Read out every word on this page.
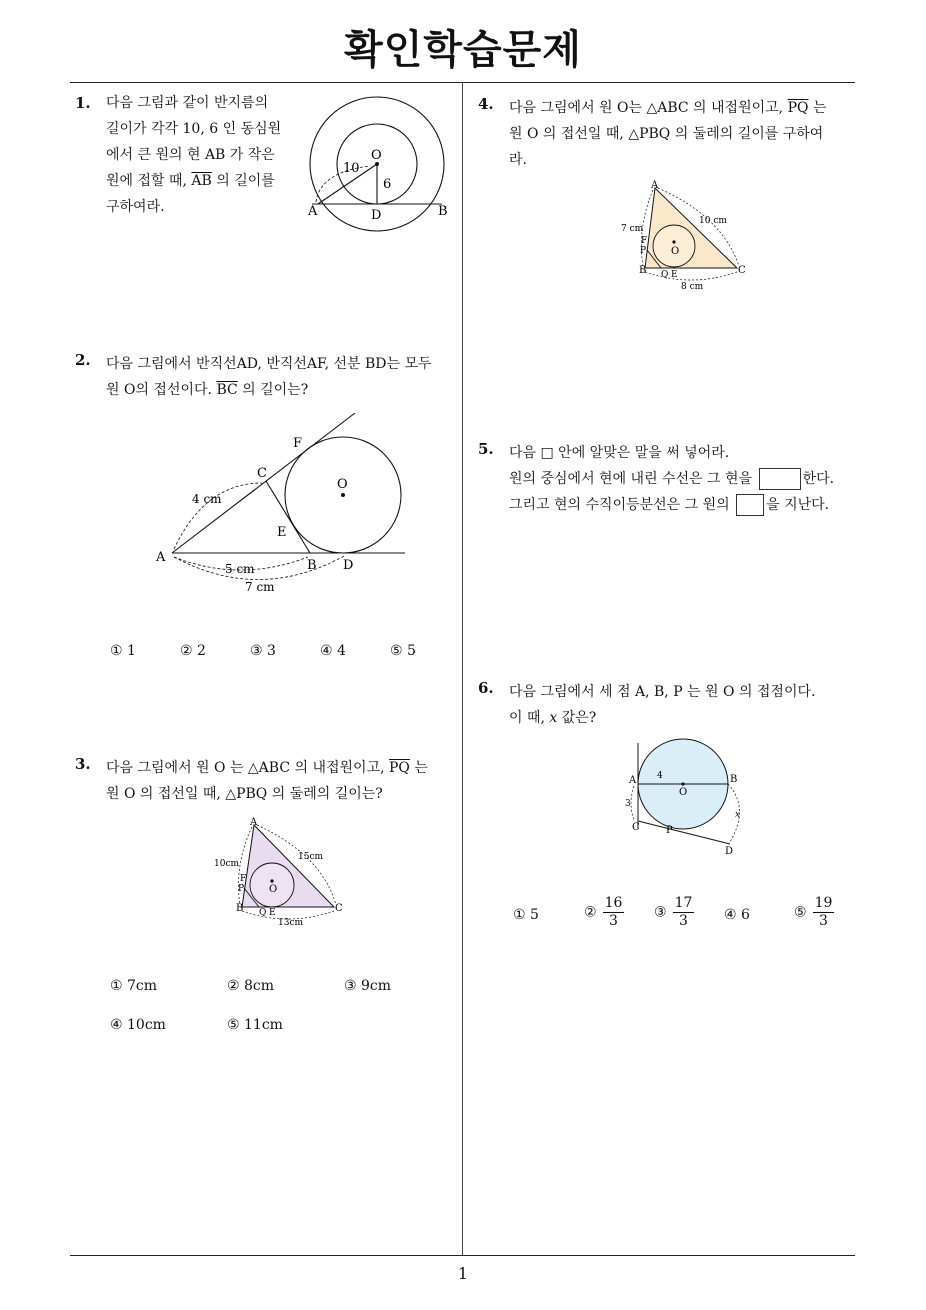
확인학습문제
1
1. 다음 그림과 같이 반지름의
길이가 각각 10, 6 인 동심원
에서 큰 원의 현 AB 가 작은
원에 접할 때, $\overline{AB}$ 의 길이를
구하여라.
O
10
6
A	D	B
2. 다음 그림에서 반직선AD, 반직선AF, 선분 BD는 모두
원 O의 접선이다. $\overline{BC}$ 의 길이는?
F
C
O
E
A
B D
4 cm
5 cm
7 cm
① 1	② 2	③ 3	④ 4	⑤ 5
3. 다음 그림에서 원 O 는 △ABC 의 내접원이고, $\overline{PQ}$ 는
원 O 의 접선일 때, △PBQ 의 둘레의 길이는?
A
10cm
15cm
F
P O
B Q E	C
13cm
① 7cm	② 8cm	③ 9cm
④ 10cm	⑤ 11cm
4. 다음 그림에서 원 O는 △ABC 의 내접원이고, $\overline{PQ}$ 는
원 O 의 접선일 때, △PBQ 의 둘레의 길이를 구하여
라.
A
7 cm
10 cm
F
P O
B Q E	C
8 cm
5. 다음 □ 안에 알맞은 말을 써 넣어라.
원의 중심에서 현에 내린 수선은 그 현을	한다.
그리고 현의 수직이등분선은 그 원의	을 지난다.
6. 다음 그림에서 세 점 A, B, P 는 원 O 의 접점이다.
이 때, x 값은?
A 4	B
O
3
x
C	P
D
① 5	② $\frac{16}{3}$ ③ $\frac{17}{3}$ ④ 6	⑤ $\frac{19}{3}$
